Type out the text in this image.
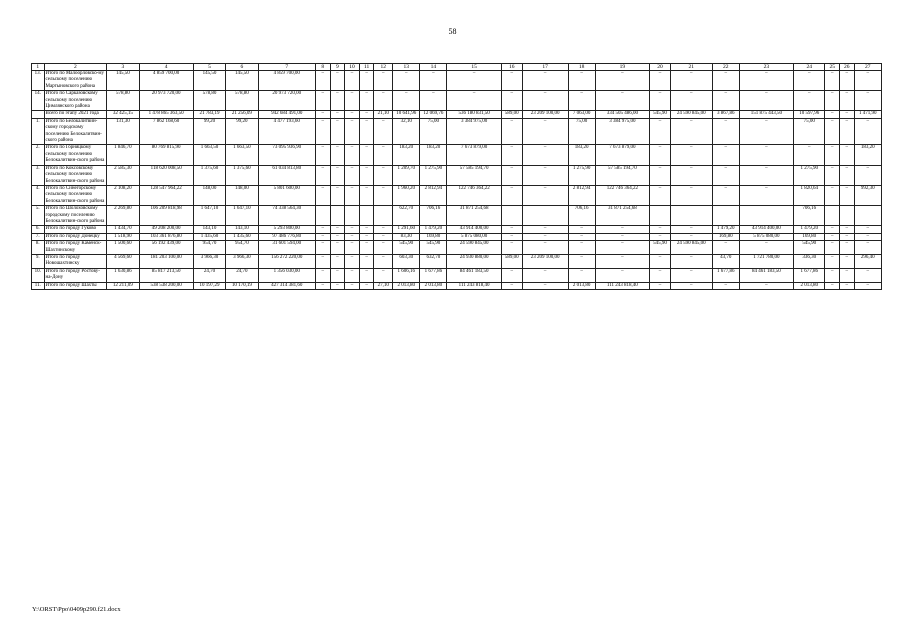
58
1	2	3	4	5	6	7	8	9	10	11	12	13	14	15	16	17	18	19	20	21	22	23	24	25	26	27
13.	Итого по Малоорловско-му сельскому поселению Мартыновского района	145,50	4 859 700,00	145,50	145,50	4 859 700,00	–	–	–	–	–	–	–	–	–	–	–	–	–	–	–	–	–	–	–	–
14.	Итого по Сарказовскому сельскому поселению Цимлянского района	578,80	20 973 720,00	578,80	578,80	20 973 720,00	–	–	–	–	–	–	–	–	–	–	–	–	–	–	–	–	–	–	–	–
	Всего по этапу 2021 года	32 425,15	1 478 865 363,50	21 783,19	21 256,09	942 684 491,00	–	–	–	–	21,10	10 641,96	12 069,76	536 180 831,50	589,00	23 209 100,00	7 063,00	334 505 486,00	545,90	24 590 845,00	3 867,86	151 875 443,50	10 597,96	–	–	1 471,90
1.	Итого по Белокалитвин-скому городскому поселению Белокалитвин-ского района	131,30	7 862 168,60	99,20	99,20	4 477 193,60	–	–	–	–	–	32,10	75,00	3 384 975,00	–	–	75,00	3 384 975,00	–	–	–	–	75,00	–	–	–
2.	Итого по Горняцкому сельскому поселению Белокалитвин-ского района	1 846,70	80 769 815,90	1 663,50	1 663,50	73 095 936,90	–	–	–	–	–	183,20	183,20	7 673 879,00	–	–	183,20	7 673 879,00	–	–	–	–	–	–	–	183,20
3.	Итого по Коксовскому сельскому поселению Белокалитвин-ского района	2 585,30	118 620 008,50	1 375,60	1 375,60	61 034 813,80	–	–	–	–	–	1 209,70	1 275,90	57 585 194,70	–	–	1 275,90	57 585 194,70	–	–	–	–	1 275,90	–	–	–
4.	Итого по Синегорскому сельскому поселению Белокалитвин-ского района	2 108,20	128 547 964,22	148,00	148,00	5 801 600,00	–	–	–	–	–	1 960,20	2 812,94	122 746 364,22	–	–	2 812,94	122 746 364,22	–	–	–	–	1 820,64	–	–	992,30
5.	Итого по Шолоховскому городскому поселению Белокалитвин-ского района	2 269,80	106 209 818,98	1 647,10	1 647,10	74 338 564,30						622,70	706,16	31 871 254,68			706,16	31 871 254,68					706,16			
6.	Итого по городу Гуково	1 434,70	49 208 200,00	143,10	143,10	5 293 800,00	–	–	–	–	–	1 291,60	1 479,20	43 914 400,00	–	–	–	–	–	–	1 479,20	43 914 400,00	1 479,20	–	–	–
7.	Итого по городу Донецку	1 518,90	103 361 876,80	1 435,60	1 435,60	97 486 776,80	–	–	–	–	–	83,30	169,80	5 875 080,00	–	–	–	–	–	–	169,80	5 875 080,00	169,80	–	–	–
8.	Итого по городу Каменск-Шахтинскому	1 500,60	56 192 439,00	954,70	954,70	31 601 594,00	–	–	–	–	–	545,90	545,90	24 590 845,00	–	–	–	–	545,90	24 590 845,00	–	–	545,90	–	–	–
9.	Итого по городу Новошахтинску	4 569,60	181 203 100,00	3 966,30	3 966,30	156 272 220,00	–	–	–	–	–	603,30	632,70	24 930 880,00	589,00	23 209 100,00	–	–	–	–	43,70	1 721 780,00	336,30	–	–	296,40
10.	Итого по городу Ростову-на-Дону	1 630,86	85 817 213,50	24,70	24,70	1 356 030,00	–	–	–	–	–	1 606,16	1 677,86	84 461 183,50	–	–	–	–	–	–	1 677,86	84 461 183,50	1 677,86	–	–	–
11.	Итого по городу Шахты	12 211,09	538 538 200,00	10 197,29	10 170,19	427 314 381,60	–	–	–	–	27,10	2 013,80	2 013,80	111 243 818,40	–	–	2 013,80	111 243 818,40	–	–	–	–	2 013,80	–	–	–
Y:\ORST\Ppo\0409p290.f21.docx
